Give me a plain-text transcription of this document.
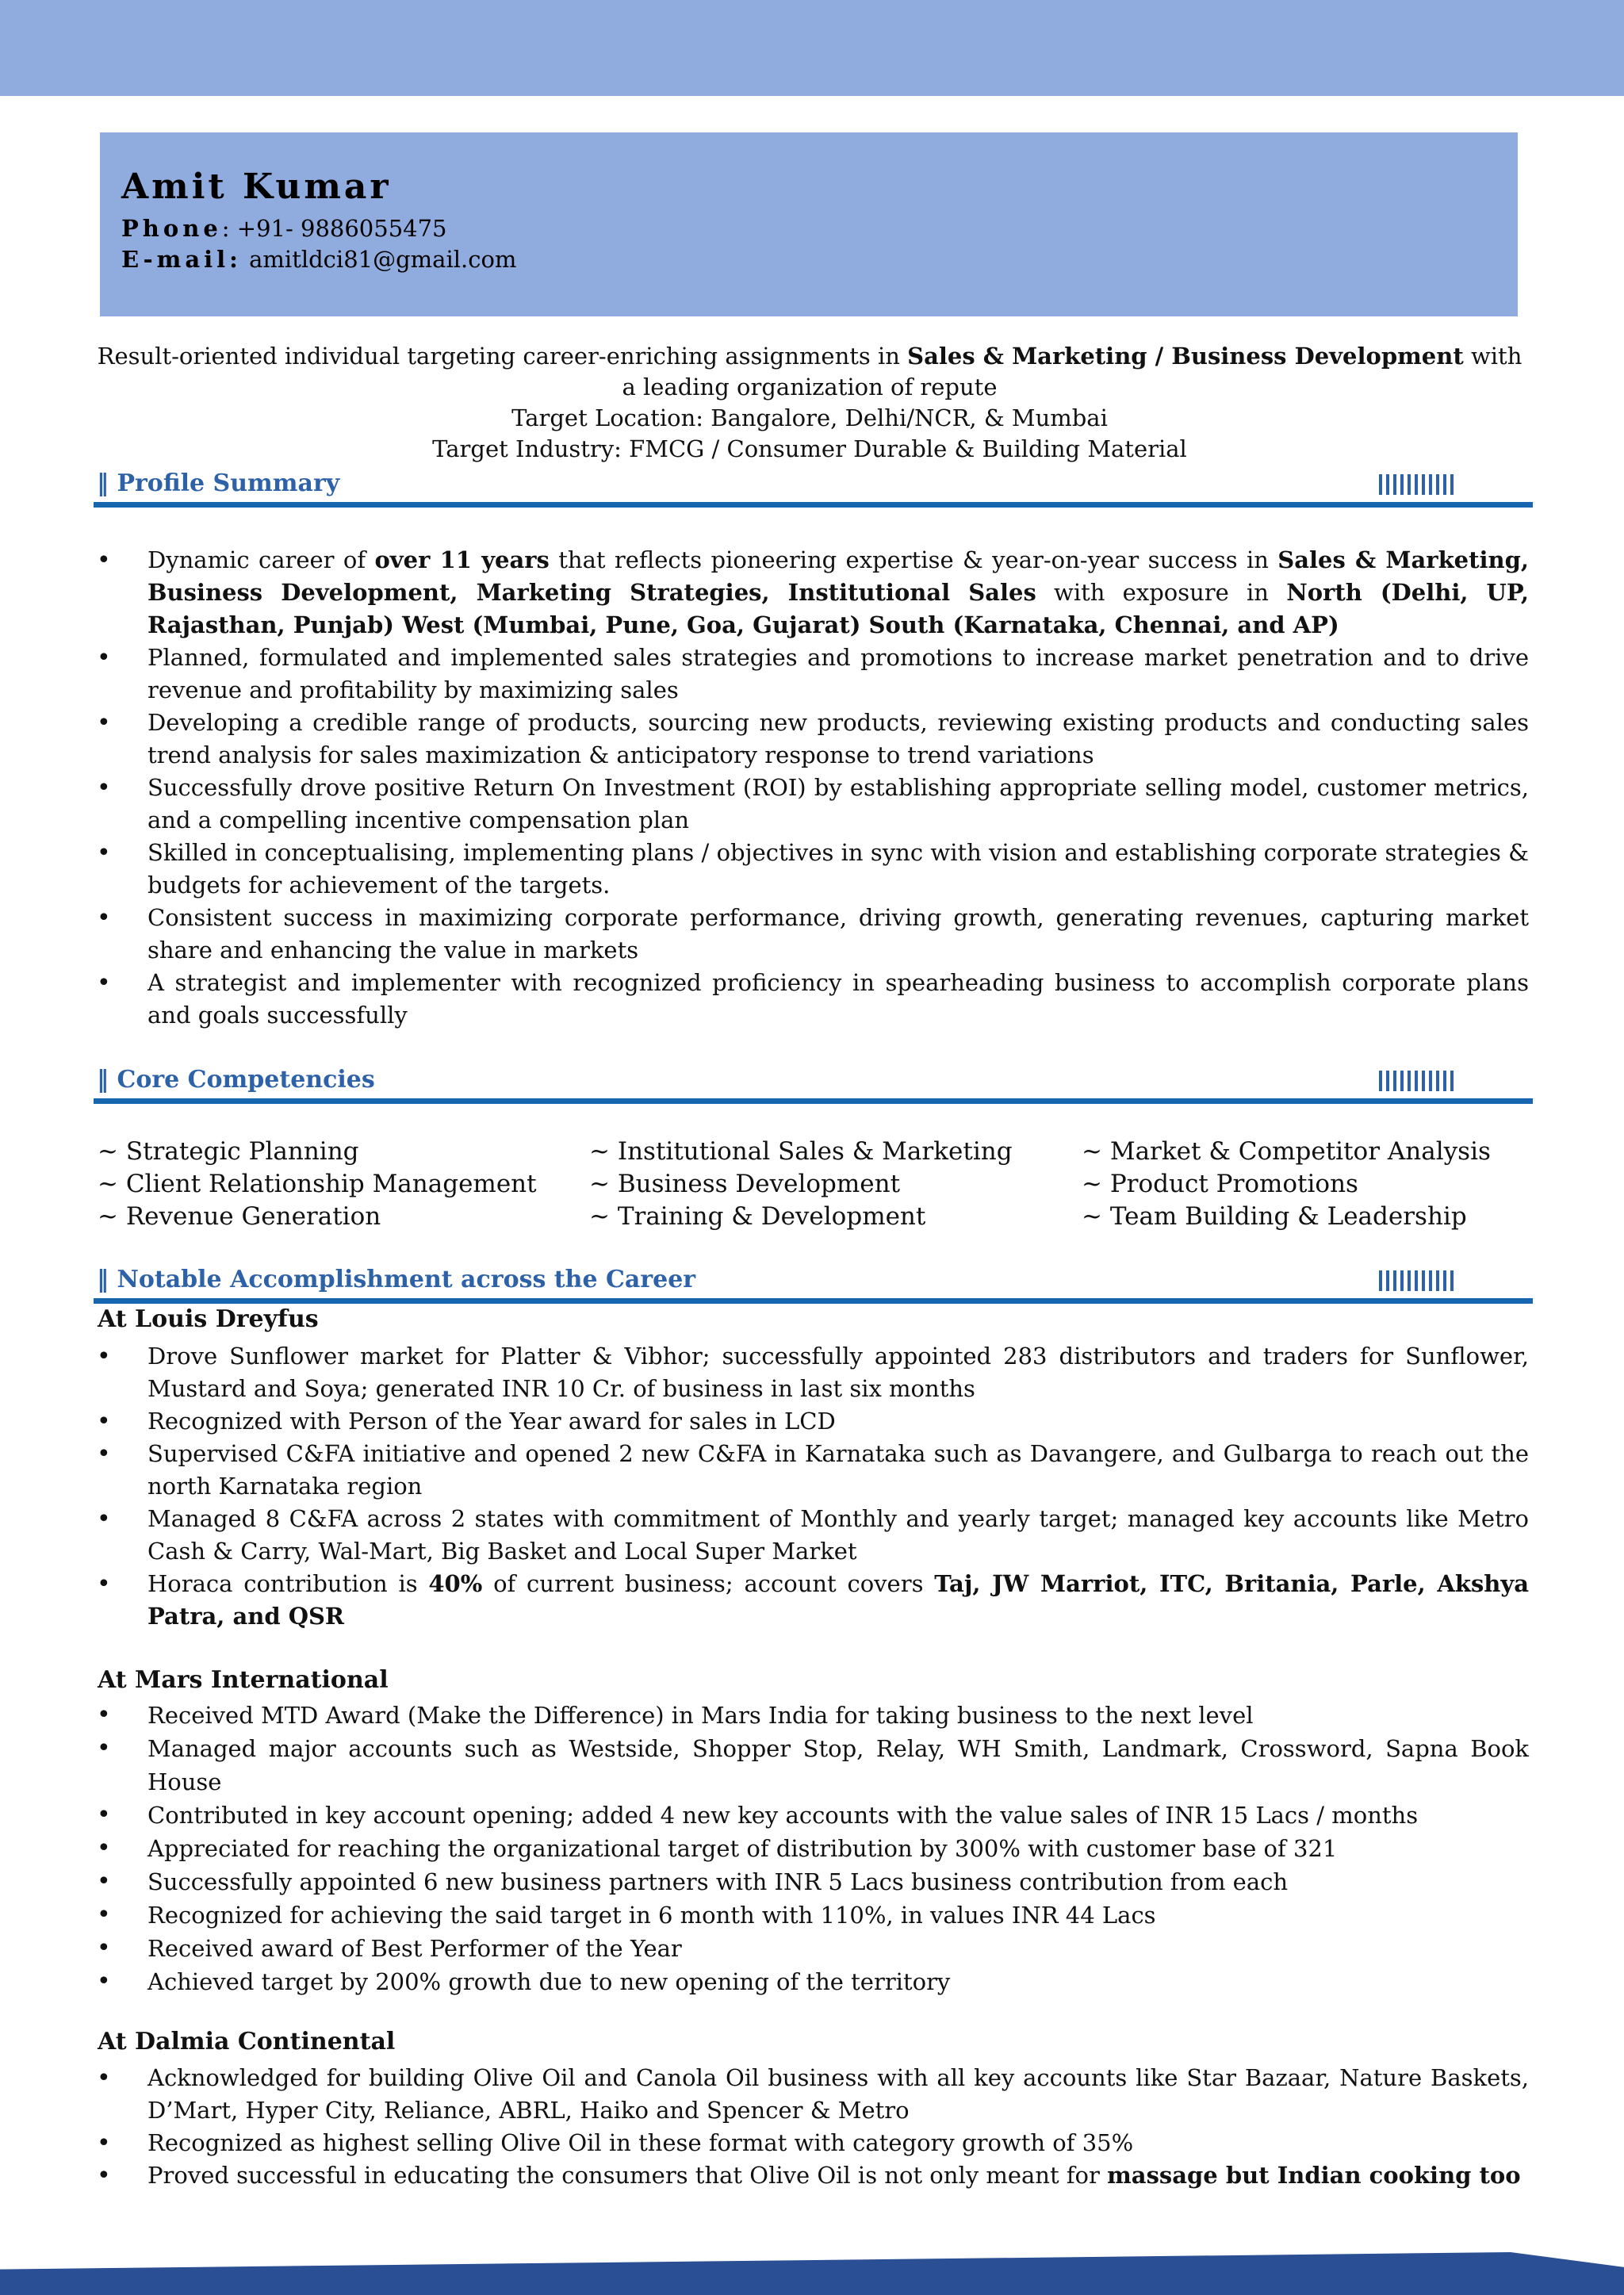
Amit Kumar
Phone: +91- 9886055475
E-mail: amitldci81@gmail.com

Result-oriented individual targeting career-enriching assignments in Sales & Marketing / Business Development with a leading organization of repute

Target Location: Bangalore, Delhi/NCR, & Mumbai

Target Industry: FMCG / Consumer Durable & Building Material

‖ Profile Summary
• Dynamic career of over 11 years that reflects pioneering expertise & year-on-year success in Sales & Marketing, Business Development, Marketing Strategies, Institutional Sales with exposure in North (Delhi, UP, Rajasthan, Punjab) West (Mumbai, Pune, Goa, Gujarat) South (Karnataka, Chennai, and AP)
• Planned, formulated and implemented sales strategies and promotions to increase market penetration and to drive revenue and profitability by maximizing sales
• Developing a credible range of products, sourcing new products, reviewing existing products and conducting sales trend analysis for sales maximization & anticipatory response to trend variations
• Successfully drove positive Return On Investment (ROI) by establishing appropriate selling model, customer metrics, and a compelling incentive compensation plan
• Skilled in conceptualising, implementing plans / objectives in sync with vision and establishing corporate strategies & budgets for achievement of the targets.
• Consistent success in maximizing corporate performance, driving growth, generating revenues, capturing market share and enhancing the value in markets
• A strategist and implementer with recognized proficiency in spearheading business to accomplish corporate plans and goals successfully
‖ Core Competencies
~ Strategic Planning
~ Client Relationship Management
~ Revenue Generation
~ Institutional Sales & Marketing
~ Business Development
~ Training & Development
~ Market & Competitor Analysis
~ Product Promotions
~ Team Building & Leadership
‖ Notable Accomplishment across the Career
At Louis Dreyfus
• Drove Sunflower market for Platter & Vibhor; successfully appointed 283 distributors and traders for Sunflower, Mustard and Soya; generated INR 10 Cr. of business in last six months
• Recognized with Person of the Year award for sales in LCD
• Supervised C&FA initiative and opened 2 new C&FA in Karnataka such as Davangere, and Gulbarga to reach out the north Karnataka region
• Managed 8 C&FA across 2 states with commitment of Monthly and yearly target; managed key accounts like Metro Cash & Carry, Wal-Mart, Big Basket and Local Super Market
• Horaca contribution is 40% of current business; account covers Taj, JW Marriot, ITC, Britania, Parle, Akshya Patra, and QSR
At Mars International
• Received MTD Award (Make the Difference) in Mars India for taking business to the next level
• Managed major accounts such as Westside, Shopper Stop, Relay, WH Smith, Landmark, Crossword, Sapna Book House
• Contributed in key account opening; added 4 new key accounts with the value sales of INR 15 Lacs / months
• Appreciated for reaching the organizational target of distribution by 300% with customer base of 321
• Successfully appointed 6 new business partners with INR 5 Lacs business contribution from each
• Recognized for achieving the said target in 6 month with 110%, in values INR 44 Lacs
• Received award of Best Performer of the Year
• Achieved target by 200% growth due to new opening of the territory
At Dalmia Continental
• Acknowledged for building Olive Oil and Canola Oil business with all key accounts like Star Bazaar, Nature Baskets, D’Mart, Hyper City, Reliance, ABRL, Haiko and Spencer & Metro
• Recognized as highest selling Olive Oil in these format with category growth of 35%
• Proved successful in educating the consumers that Olive Oil is not only meant for massage but Indian cooking too
